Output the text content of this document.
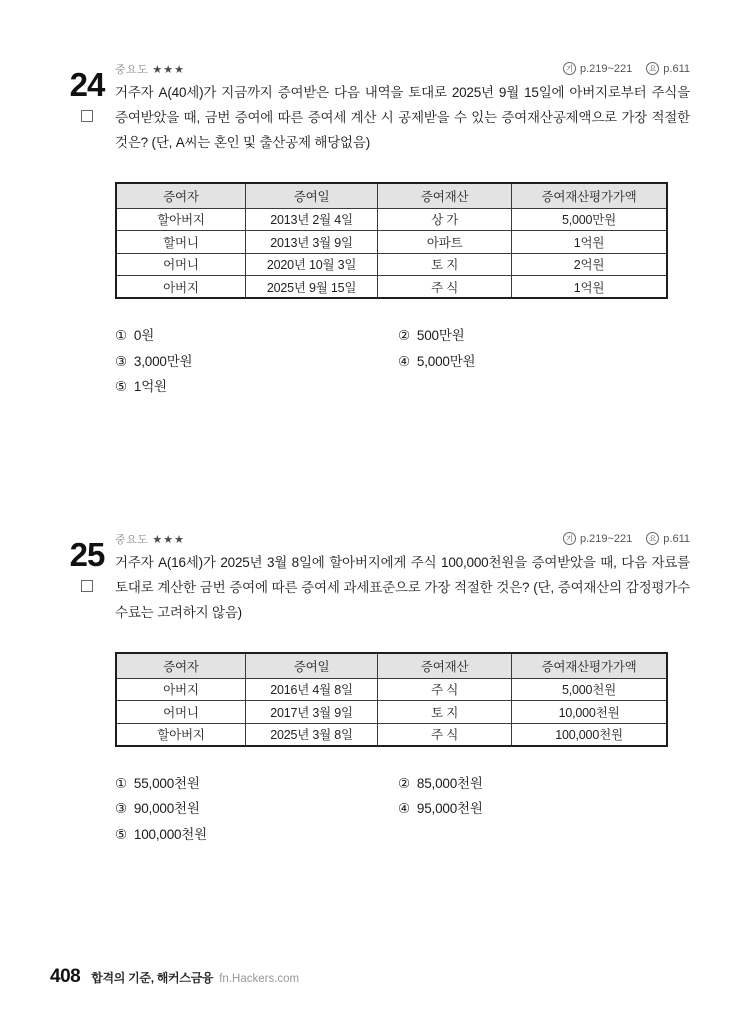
24 중요도 ★★★	기 p.219~221	요 p.611

거주자 A(40세)가 지금까지 증여받은 다음 내역을 토대로 2025년 9월 15일에 아버지로부터 주식을 증여받았을 때, 금번 증여에 따른 증여세 계산 시 공제받을 수 있는 증여재산공제액으로 가장 적절한 것은? (단, A씨는 혼인 및 출산공제 해당없음)

증여자	증여일	증여재산	증여재산평가가액
할아버지	2013년 2월 4일	상 가	5,000만원
할머니	2013년 3월 9일	아파트	1억원
어머니	2020년 10월 3일	토 지	2억원
아버지	2025년 9월 15일	주 식	1억원
① 0원	② 500만원
③ 3,000만원	④ 5,000만원
⑤ 1억원
25 중요도 ★★★	기 p.219~221	요 p.611

거주자 A(16세)가 2025년 3월 8일에 할아버지에게 주식 100,000천원을 증여받았을 때, 다음 자료를 토대로 계산한 금번 증여에 따른 증여세 과세표준으로 가장 적절한 것은? (단, 증여재산의 감정평가수수료는 고려하지 않음)

증여자	증여일	증여재산	증여재산평가가액
아버지	2016년 4월 8일	주 식	5,000천원
어머니	2017년 3월 9일	토 지	10,000천원
할아버지	2025년 3월 8일	주 식	100,000천원
① 55,000천원	② 85,000천원
③ 90,000천원	④ 95,000천원
⑤ 100,000천원
408 합격의 기준, 해커스금융 fn.Hackers.com
